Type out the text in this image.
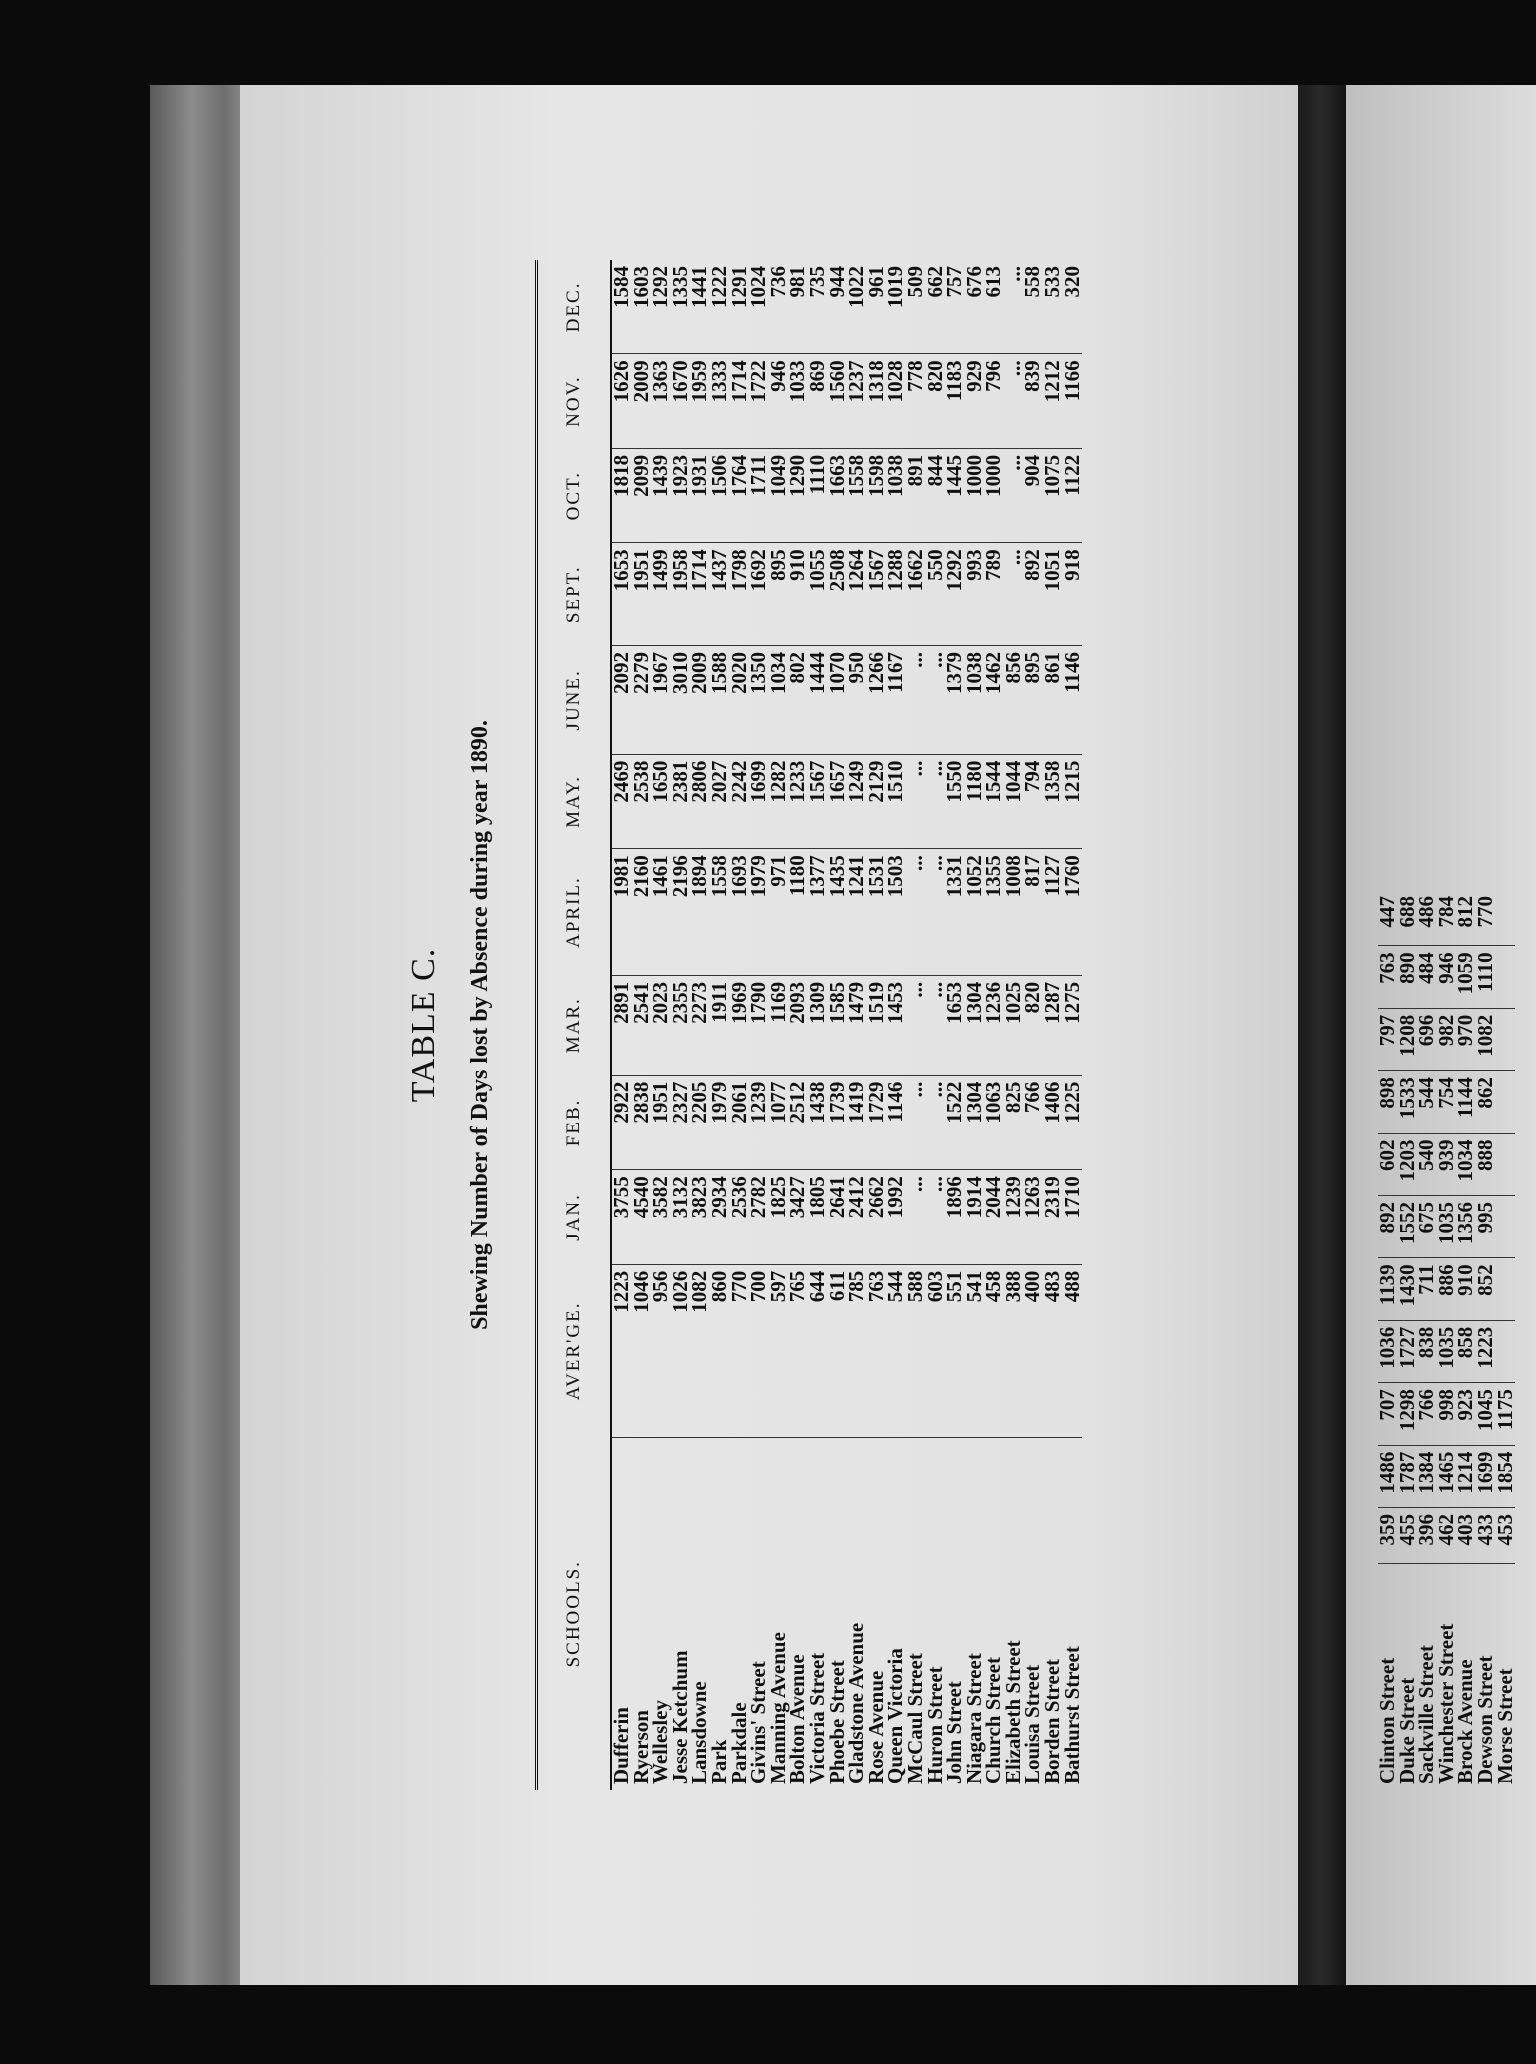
TABLE C. Shewing Number of Days lost by Absence during year 1890.
SCHOOLS.	AVER'GE.	JAN.	FEB.	MAR.	APRIL.	MAY.	JUNE.	SEPT.	OCT.	NOV.	DEC.
Dufferin	1223	3755	2922	2891	1981	2469	2092	1653	1818	1626	1584
Ryerson	1046	4540	2838	2541	2160	2538	2279	1951	2099	2009	1603
Wellesley	956	3582	1951	2023	1461	1650	1967	1499	1439	1363	1292
Jesse Ketchum	1026	3132	2327	2355	2196	2381	3010	1958	1923	1670	1335
Lansdowne	1082	3823	2205	2273	1894	2806	2009	1714	1931	1959	1441
Park	860	2934	1979	1911	1558	2027	1588	1437	1506	1333	1222
Parkdale	770	2536	2061	1969	1693	2242	2020	1798	1764	1714	1291
Givins' Street	700	2782	1239	1790	1979	1699	1350	1692	1711	1722	1024
Manning Avenue	597	1825	1077	1169	971	1282	1034	895	1049	946	736
Bolton Avenue	765	3427	2512	2093	1180	1233	802	910	1290	1033	981
Victoria Street	644	1805	1438	1309	1377	1567	1444	1055	1110	869	735
Phoebe Street	611	2641	1739	1585	1435	1657	1070	2508	1663	1560	944
Gladstone Avenue	785	2412	1419	1479	1241	1249	950	1264	1558	1237	1022
Rose Avenue	763	2662	1729	1519	1531	2129	1266	1567	1598	1318	961
Queen Victoria	544	1992	1146	1453	1503	1510	1167	1288	1038	1028	1019
McCaul Street	588	...	...	...	...	...	...	1662	891	778	509
Huron Street	603	...	...	...	...	...	...	550	844	820	662
John Street	551	1896	1522	1653	1331	1550	1379	1292	1445	1183	757
Niagara Street	541	1914	1304	1304	1052	1180	1038	993	1000	929	676
Church Street	458	2044	1063	1236	1355	1544	1462	789	1000	796	613
Elizabeth Street	388	1239	825	1025	1008	1044	856	...	...	...	...
Louisa Street	400	1263	766	820	817	794	895	892	904	839	558
Borden Street	483	2319	1406	1287	1127	1358	861	1051	1075	1212	533
Bathurst Street	488	1710	1225	1275	1760	1215	1146	918	1122	1166	320
Clinton Street	359	1486	707	1036	1139	892	602	898	797	763	447
Duke Street	455	1787	1298	1727	1430	1552	1203	1533	1208	890	688
Sackville Street	396	1384	766	838	711	675	540	544	696	484	486
Winchester Street	462	1465	998	1035	886	1035	939	754	982	946	784
Brock Avenue	403	1214	923	858	910	1356	1034	1144	970	1059	812
Dewson Street	433	1699	1045	1223	852	995	888	862	1082	1110	770
Morse Street	453	1854	1175								
